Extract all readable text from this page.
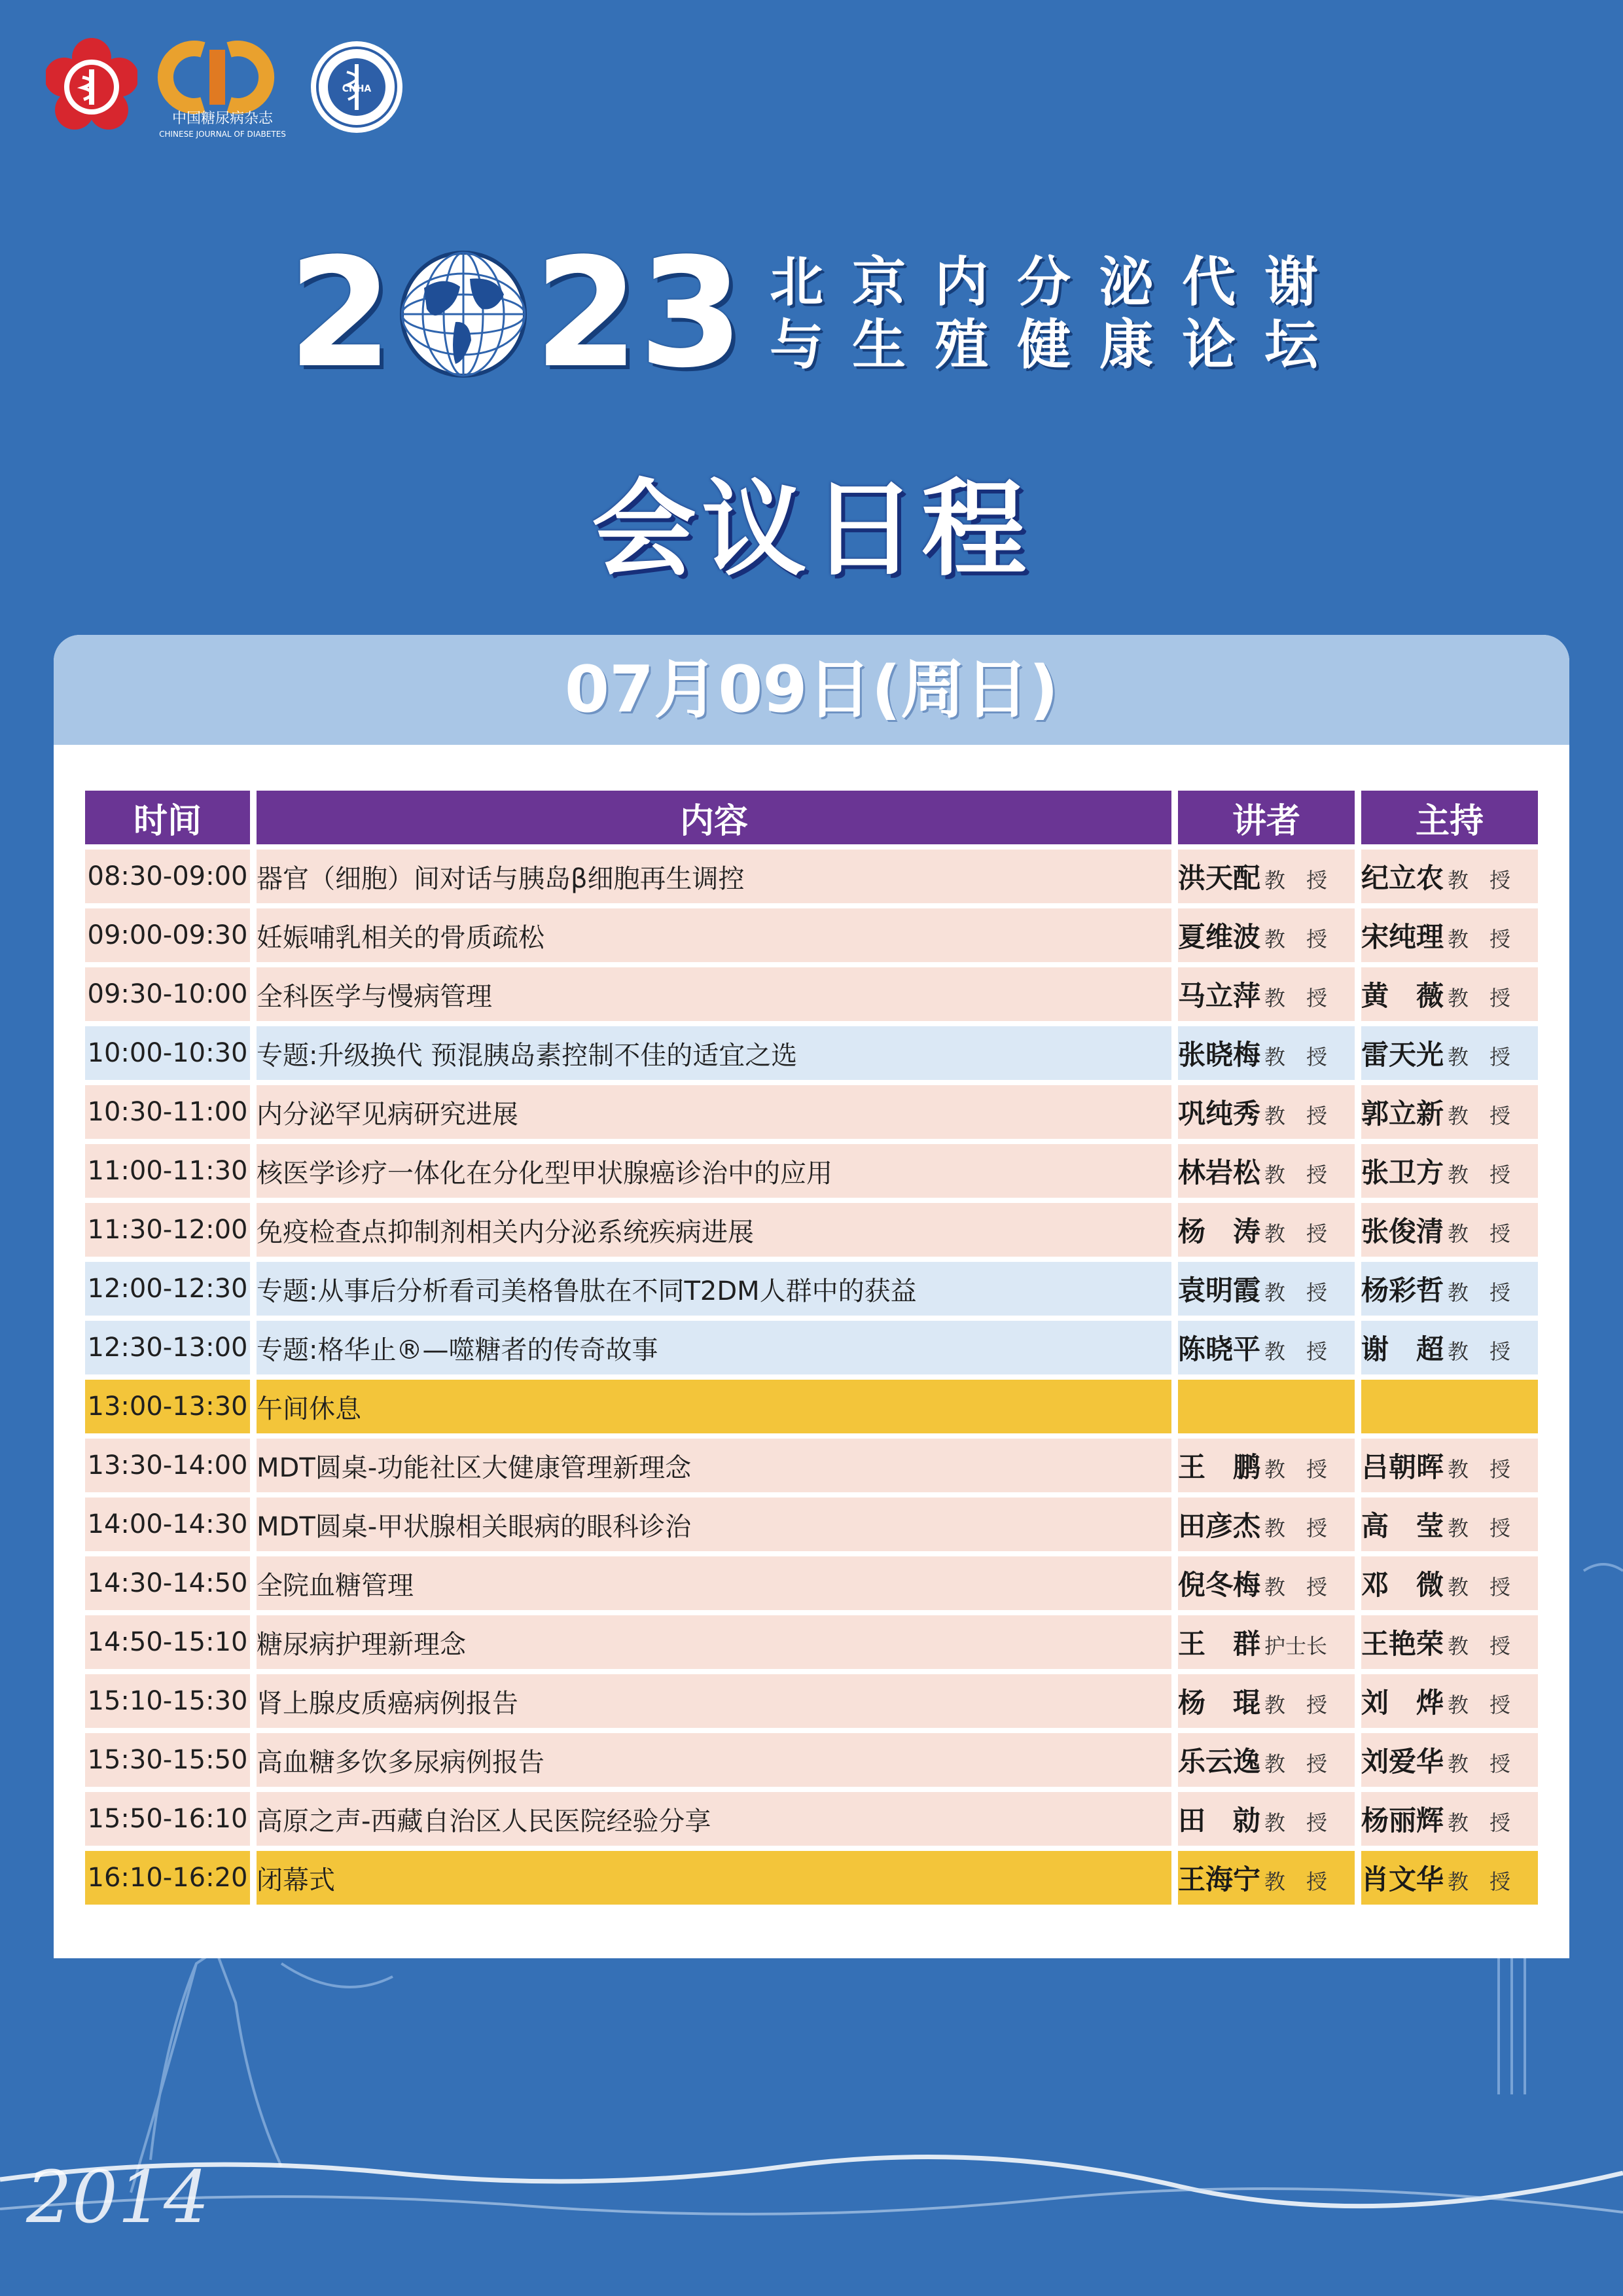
中国糖尿病杂志
CHINESE JOURNAL OF DIABETES
CNHA
2 23 北京内分泌代谢
与生殖健康论坛
会议日程
2014
07月09日(周日)
时间	内容	讲者	主持
08:30-09:00	器官（细胞）间对话与胰岛β细胞再生调控	洪天配 教　授	纪立农 教　授
09:00-09:30	妊娠哺乳相关的骨质疏松	夏维波 教　授	宋纯理 教　授
09:30-10:00	全科医学与慢病管理	马立萍 教　授	黄　薇 教　授
10:00-10:30	专题:升级换代 预混胰岛素控制不佳的适宜之选	张晓梅 教　授	雷天光 教　授
10:30-11:00	内分泌罕见病研究进展	巩纯秀 教　授	郭立新 教　授
11:00-11:30	核医学诊疗一体化在分化型甲状腺癌诊治中的应用	林岩松 教　授	张卫方 教　授
11:30-12:00	免疫检查点抑制剂相关内分泌系统疾病进展	杨　涛 教　授	张俊清 教　授
12:00-12:30	专题:从事后分析看司美格鲁肽在不同T2DM人群中的获益	袁明霞 教　授	杨彩哲 教　授
12:30-13:00	专题:格华止®—噬糖者的传奇故事	陈晓平 教　授	谢　超 教　授
13:00-13:30	午间休息		
13:30-14:00	MDT圆桌-功能社区大健康管理新理念	王　鹏 教　授	吕朝晖 教　授
14:00-14:30	MDT圆桌-甲状腺相关眼病的眼科诊治	田彦杰 教　授	高　莹 教　授
14:30-14:50	全院血糖管理	倪冬梅 教　授	邓　微 教　授
14:50-15:10	糖尿病护理新理念	王　群 护士长	王艳荣 教　授
15:10-15:30	肾上腺皮质癌病例报告	杨　琨 教　授	刘　烨 教　授
15:30-15:50	高血糖多饮多尿病例报告	乐云逸 教　授	刘爱华 教　授
15:50-16:10	高原之声-西藏自治区人民医院经验分享	田　勍 教　授	杨丽辉 教　授
16:10-16:20	闭幕式	王海宁 教　授	肖文华 教　授
